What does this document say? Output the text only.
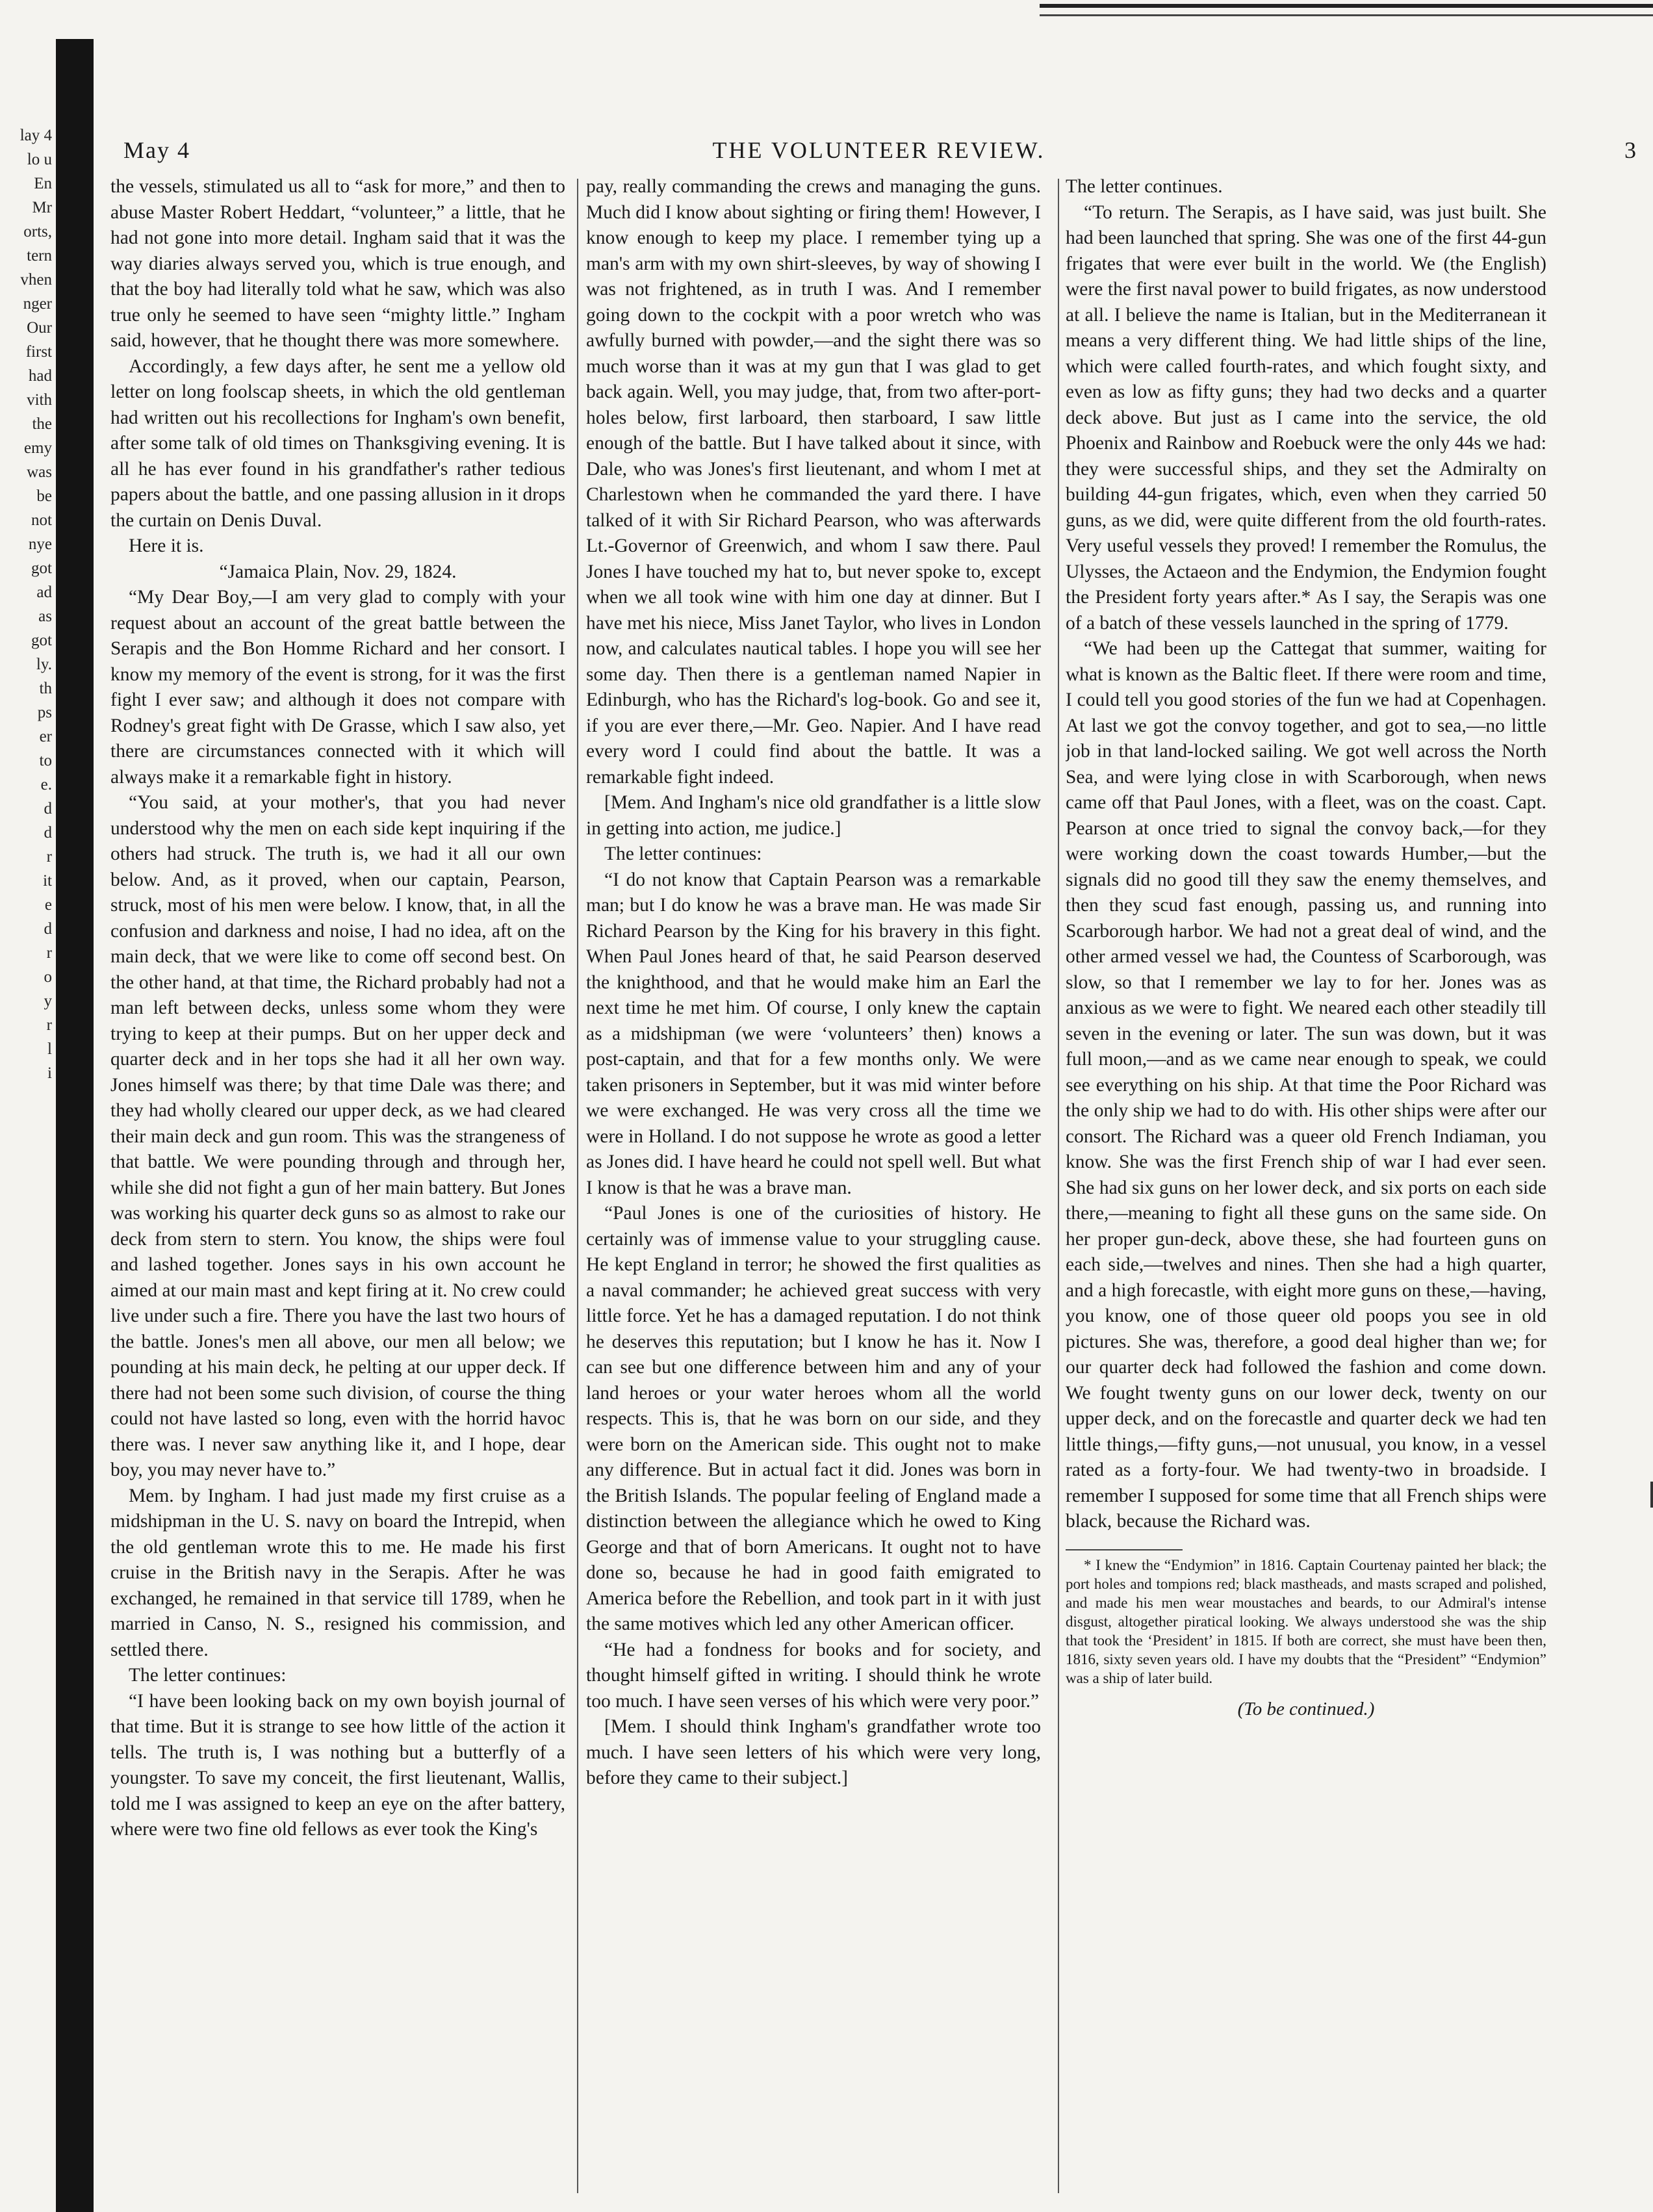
lay 4
lo u
En
Mr
orts,
tern
vhen
nger
Our
first
had
vith
the
emy
was
be
not
nye
got
ad
as
got
ly.
th
ps
er
to
e.
d
d
r
it
e
d
r
o
y
r
l
i
May 4	THE VOLUNTEER REVIEW.	3

the vessels, stimulated us all to “ask for more,” and then to abuse Master Robert Heddart, “volunteer,” a little, that he had not gone into more detail. Ingham said that it was the way diaries always served you, which is true enough, and that the boy had literally told what he saw, which was also true only he seemed to have seen “mighty little.” Ingham said, however, that he thought there was more somewhere.

Accordingly, a few days after, he sent me a yellow old letter on long foolscap sheets, in which the old gentleman had written out his recollections for Ingham's own benefit, after some talk of old times on Thanksgiving evening. It is all he has ever found in his grandfather's rather tedious papers about the battle, and one passing allusion in it drops the curtain on Denis Duval.

Here it is.

“Jamaica Plain, Nov. 29, 1824.

“My Dear Boy,—I am very glad to comply with your request about an account of the great battle between the Serapis and the Bon Homme Richard and her consort. I know my memory of the event is strong, for it was the first fight I ever saw; and although it does not compare with Rodney's great fight with De Grasse, which I saw also, yet there are circumstances connected with it which will always make it a remarkable fight in history.

“You said, at your mother's, that you had never understood why the men on each side kept inquiring if the others had struck. The truth is, we had it all our own below. And, as it proved, when our captain, Pearson, struck, most of his men were below. I know, that, in all the confusion and darkness and noise, I had no idea, aft on the main deck, that we were like to come off second best. On the other hand, at that time, the Richard probably had not a man left between decks, unless some whom they were trying to keep at their pumps. But on her upper deck and quarter deck and in her tops she had it all her own way. Jones himself was there; by that time Dale was there; and they had wholly cleared our upper deck, as we had cleared their main deck and gun room. This was the strangeness of that battle. We were pounding through and through her, while she did not fight a gun of her main battery. But Jones was working his quarter deck guns so as almost to rake our deck from stern to stern. You know, the ships were foul and lashed together. Jones says in his own account he aimed at our main mast and kept firing at it. No crew could live under such a fire. There you have the last two hours of the battle. Jones's men all above, our men all below; we pounding at his main deck, he pelting at our upper deck. If there had not been some such division, of course the thing could not have lasted so long, even with the horrid havoc there was. I never saw anything like it, and I hope, dear boy, you may never have to.”

Mem. by Ingham. I had just made my first cruise as a midshipman in the U. S. navy on board the Intrepid, when the old gentleman wrote this to me. He made his first cruise in the British navy in the Serapis. After he was exchanged, he remained in that service till 1789, when he married in Canso, N. S., resigned his commission, and settled there.

The letter continues:

“I have been looking back on my own boyish journal of that time. But it is strange to see how little of the action it tells. The truth is, I was nothing but a butterfly of a youngster. To save my conceit, the first lieutenant, Wallis, told me I was assigned to keep an eye on the after battery, where were two fine old fellows as ever took the King's

pay, really commanding the crews and managing the guns. Much did I know about sighting or firing them! However, I know enough to keep my place. I remember tying up a man's arm with my own shirt-sleeves, by way of showing I was not frightened, as in truth I was. And I remember going down to the cockpit with a poor wretch who was awfully burned with powder,—and the sight there was so much worse than it was at my gun that I was glad to get back again. Well, you may judge, that, from two after-port-holes below, first larboard, then starboard, I saw little enough of the battle. But I have talked about it since, with Dale, who was Jones's first lieutenant, and whom I met at Charlestown when he commanded the yard there. I have talked of it with Sir Richard Pearson, who was afterwards Lt.-Governor of Greenwich, and whom I saw there. Paul Jones I have touched my hat to, but never spoke to, except when we all took wine with him one day at dinner. But I have met his niece, Miss Janet Taylor, who lives in London now, and calculates nautical tables. I hope you will see her some day. Then there is a gentleman named Napier in Edinburgh, who has the Richard's log-book. Go and see it, if you are ever there,—Mr. Geo. Napier. And I have read every word I could find about the battle. It was a remarkable fight indeed.

[Mem. And Ingham's nice old grandfather is a little slow in getting into action, me judice.]

The letter continues:

“I do not know that Captain Pearson was a remarkable man; but I do know he was a brave man. He was made Sir Richard Pearson by the King for his bravery in this fight. When Paul Jones heard of that, he said Pearson deserved the knighthood, and that he would make him an Earl the next time he met him. Of course, I only knew the captain as a midshipman (we were ‘volunteers’ then) knows a post-captain, and that for a few months only. We were taken prisoners in September, but it was mid winter before we were exchanged. He was very cross all the time we were in Holland. I do not suppose he wrote as good a letter as Jones did. I have heard he could not spell well. But what I know is that he was a brave man.

“Paul Jones is one of the curiosities of history. He certainly was of immense value to your struggling cause. He kept England in terror; he showed the first qualities as a naval commander; he achieved great success with very little force. Yet he has a damaged reputation. I do not think he deserves this reputation; but I know he has it. Now I can see but one difference between him and any of your land heroes or your water heroes whom all the world respects. This is, that he was born on our side, and they were born on the American side. This ought not to make any difference. But in actual fact it did. Jones was born in the British Islands. The popular feeling of England made a distinction between the allegiance which he owed to King George and that of born Americans. It ought not to have done so, because he had in good faith emigrated to America before the Rebellion, and took part in it with just the same motives which led any other American officer.

“He had a fondness for books and for society, and thought himself gifted in writing. I should think he wrote too much. I have seen verses of his which were very poor.”

[Mem. I should think Ingham's grandfather wrote too much. I have seen letters of his which were very long, before they came to their subject.]

The letter continues.

“To return. The Serapis, as I have said, was just built. She had been launched that spring. She was one of the first 44-gun frigates that were ever built in the world. We (the English) were the first naval power to build frigates, as now understood at all. I believe the name is Italian, but in the Mediterranean it means a very different thing. We had little ships of the line, which were called fourth-rates, and which fought sixty, and even as low as fifty guns; they had two decks and a quarter deck above. But just as I came into the service, the old Phoenix and Rainbow and Roebuck were the only 44s we had: they were successful ships, and they set the Admiralty on building 44-gun frigates, which, even when they carried 50 guns, as we did, were quite different from the old fourth-rates. Very useful vessels they proved! I remember the Romulus, the Ulysses, the Actaeon and the Endymion, the Endymion fought the President forty years after.* As I say, the Serapis was one of a batch of these vessels launched in the spring of 1779.

“We had been up the Cattegat that summer, waiting for what is known as the Baltic fleet. If there were room and time, I could tell you good stories of the fun we had at Copenhagen. At last we got the convoy together, and got to sea,—no little job in that land-locked sailing. We got well across the North Sea, and were lying close in with Scarborough, when news came off that Paul Jones, with a fleet, was on the coast. Capt. Pearson at once tried to signal the convoy back,—for they were working down the coast towards Humber,—but the signals did no good till they saw the enemy themselves, and then they scud fast enough, passing us, and running into Scarborough harbor. We had not a great deal of wind, and the other armed vessel we had, the Countess of Scarborough, was slow, so that I remember we lay to for her. Jones was as anxious as we were to fight. We neared each other steadily till seven in the evening or later. The sun was down, but it was full moon,—and as we came near enough to speak, we could see everything on his ship. At that time the Poor Richard was the only ship we had to do with. His other ships were after our consort. The Richard was a queer old French Indiaman, you know. She was the first French ship of war I had ever seen. She had six guns on her lower deck, and six ports on each side there,—meaning to fight all these guns on the same side. On her proper gun-deck, above these, she had fourteen guns on each side,—twelves and nines. Then she had a high quarter, and a high forecastle, with eight more guns on these,—having, you know, one of those queer old poops you see in old pictures. She was, therefore, a good deal higher than we; for our quarter deck had followed the fashion and come down. We fought twenty guns on our lower deck, twenty on our upper deck, and on the forecastle and quarter deck we had ten little things,—fifty guns,—not unusual, you know, in a vessel rated as a forty-four. We had twenty-two in broadside. I remember I supposed for some time that all French ships were black, because the Richard was.

* I knew the “Endymion” in 1816. Captain Courtenay painted her black; the port holes and tompions red; black mastheads, and masts scraped and polished, and made his men wear moustaches and beards, to our Admiral's intense disgust, altogether piratical looking. We always understood she was the ship that took the ‘President’ in 1815. If both are correct, she must have been then, 1816, sixty seven years old. I have my doubts that the “President” “Endymion” was a ship of later build.

(To be continued.)
